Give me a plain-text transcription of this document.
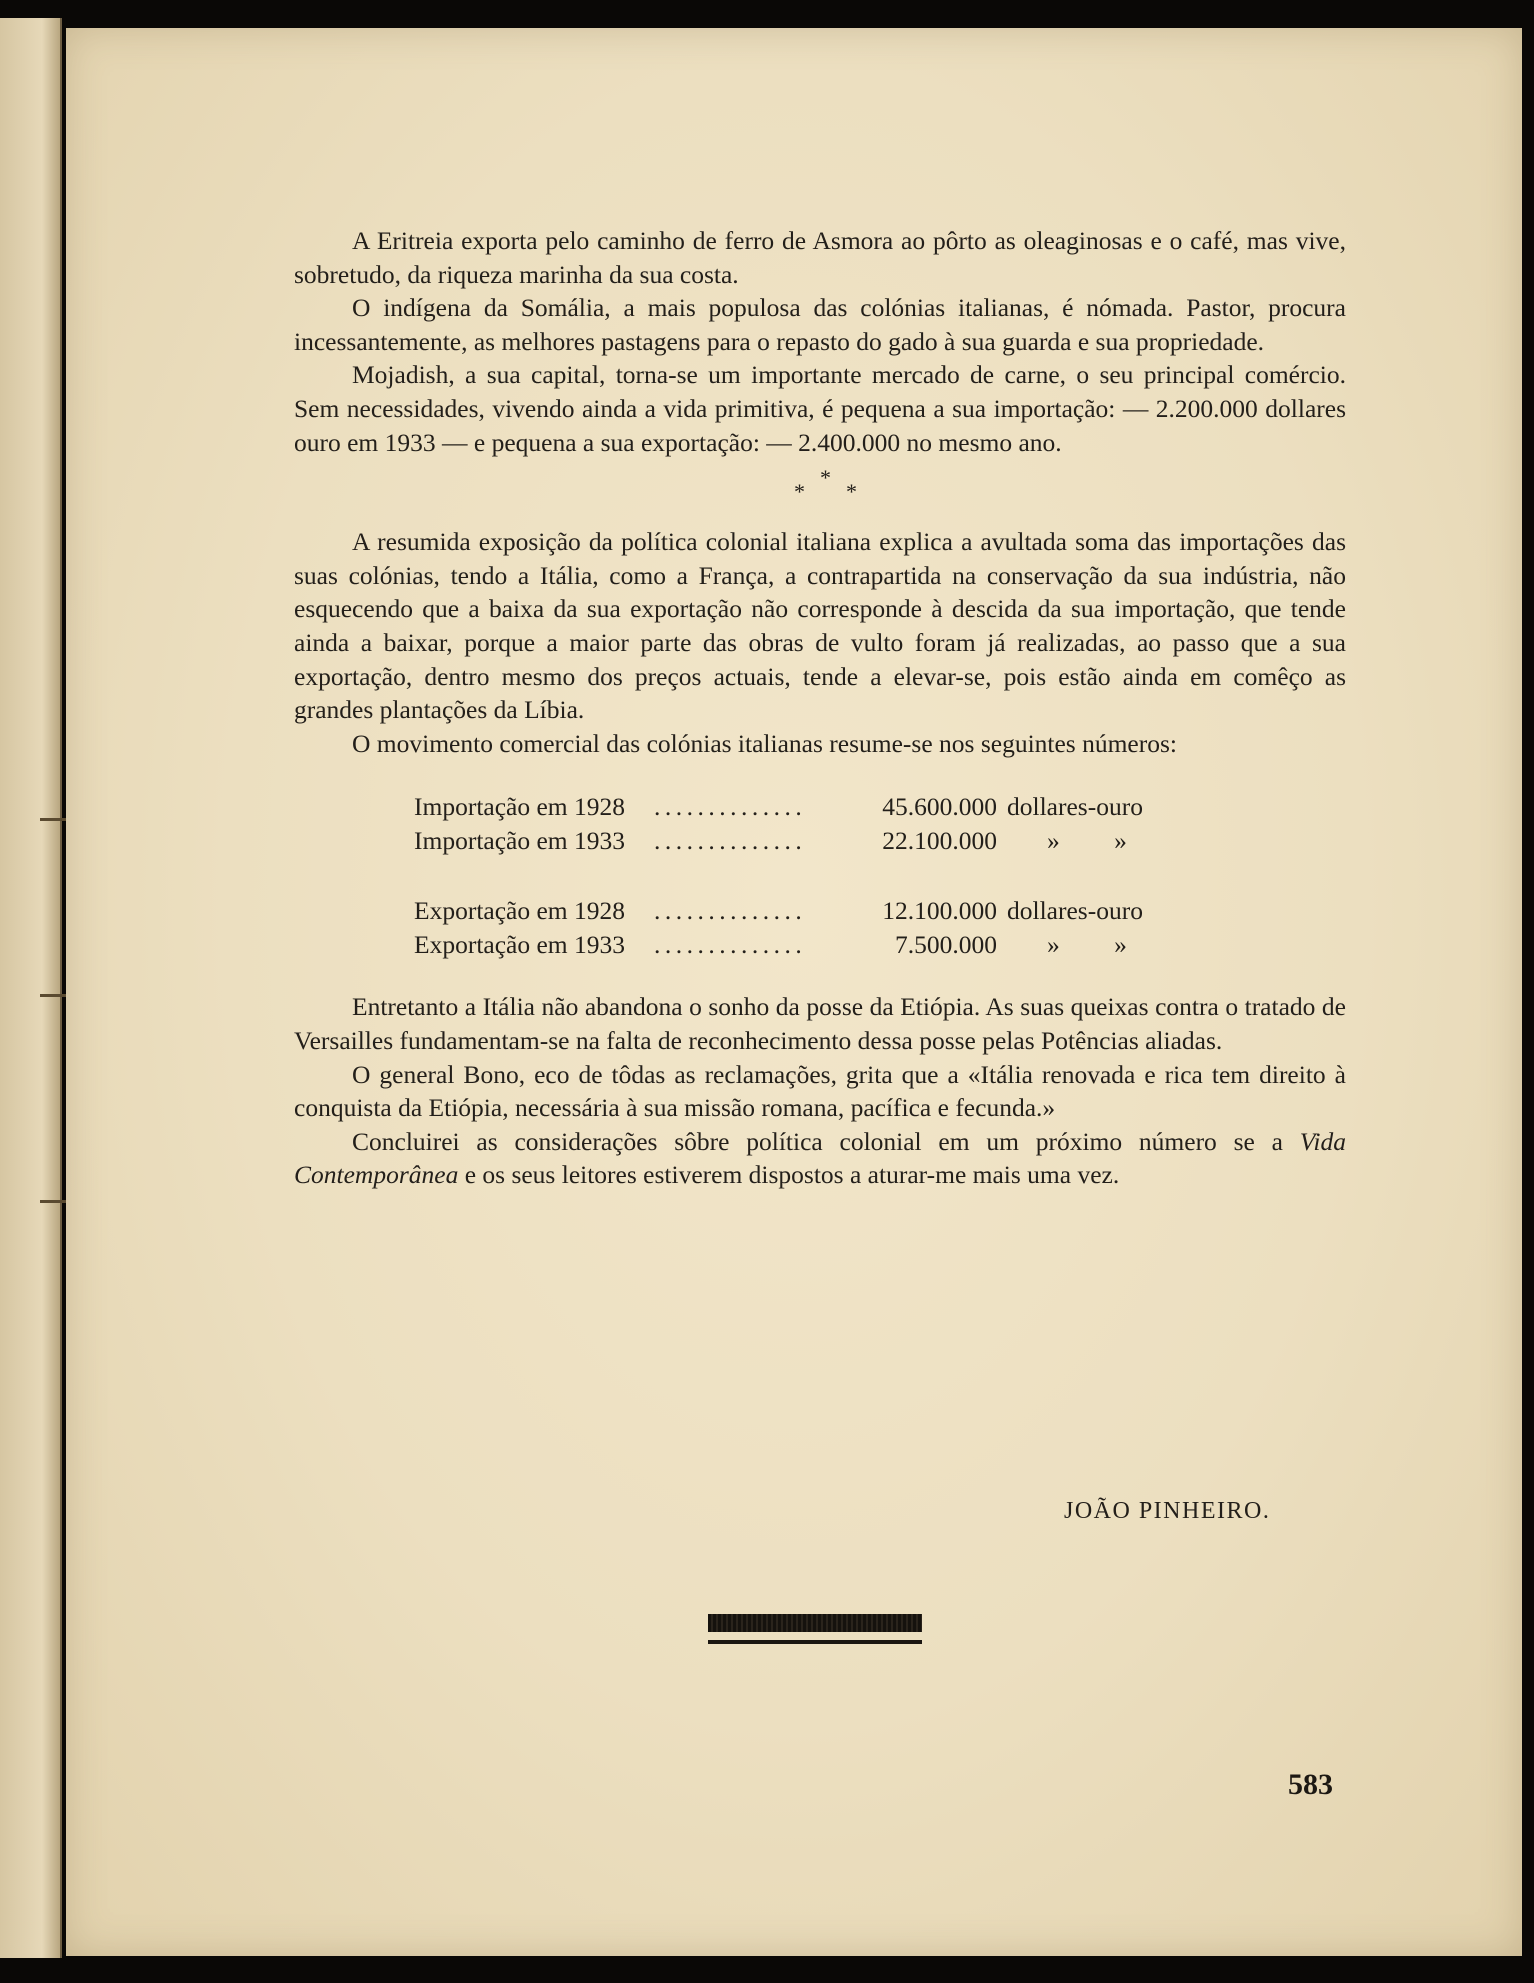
A Eritreia exporta pelo caminho de ferro de Asmora ao pôrto as oleaginosas e o café, mas vive, sobretudo, da riqueza marinha da sua costa.

O indígena da Somália, a mais populosa das colónias italianas, é nómada. Pastor, procura incessantemente, as melhores pastagens para o repasto do gado à sua guarda e sua propriedade.

Mojadish, a sua capital, torna-se um importante mercado de carne, o seu principal comércio. Sem necessidades, vivendo ainda a vida primitiva, é pequena a sua importação: — 2.200.000 dollares ouro em 1933 — e pequena a sua exportação: — 2.400.000 no mesmo ano.

*
* *

A resumida exposição da política colonial italiana explica a avultada soma das importações das suas colónias, tendo a Itália, como a França, a contrapartida na conservação da sua indústria, não esquecendo que a baixa da sua exportação não corresponde à descida da sua importação, que tende ainda a baixar, porque a maior parte das obras de vulto foram já realizadas, ao passo que a sua exportação, dentro mesmo dos preços actuais, tende a elevar-se, pois estão ainda em comêço as grandes plantações da Líbia.

O movimento comercial das colónias italianas resume-se nos seguintes números:

Importação em 1928	..............	45.600.000 dollares-ouro
Importação em 1933	..............	22.100.000	» »
Exportação em 1928	..............	12.100.000 dollares-ouro
Exportação em 1933	..............	7.500.000	» »

Entretanto a Itália não abandona o sonho da posse da Etiópia. As suas queixas contra o tratado de Versailles fundamentam-se na falta de reconhecimento dessa posse pelas Potências aliadas.

O general Bono, eco de tôdas as reclamações, grita que a «Itália renovada e rica tem direito à conquista da Etiópia, necessária à sua missão romana, pacífica e fecunda.»

Concluirei as considerações sôbre política colonial em um próximo número se a Vida Contemporânea e os seus leitores estiverem dispostos a aturar-me mais uma vez.

JOÃO PINHEIRO.
583
